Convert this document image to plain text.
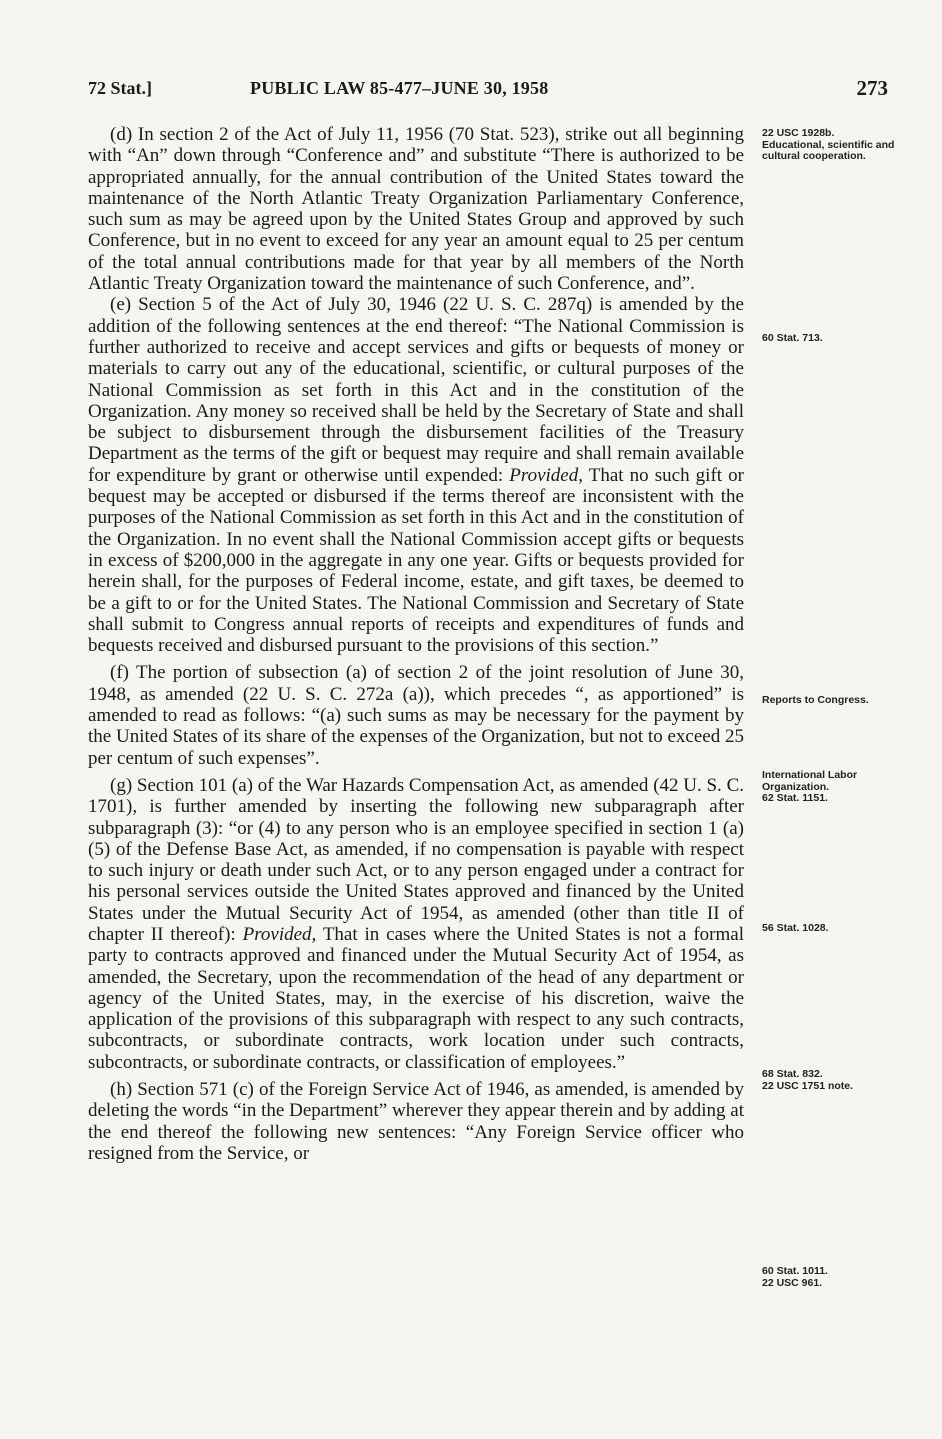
72 Stat.]	PUBLIC LAW 85-477–JUNE 30, 1958	273

(d) In section 2 of the Act of July 11, 1956 (70 Stat. 523), strike out all beginning with “An” down through “Conference and” and substitute “There is authorized to be appropriated annually, for the annual contribution of the United States toward the maintenance of the North Atlantic Treaty Organization Parliamentary Conference, such sum as may be agreed upon by the United States Group and approved by such Conference, but in no event to exceed for any year an amount equal to 25 per centum of the total annual contributions made for that year by all members of the North Atlantic Treaty Organization toward the maintenance of such Conference, and”.

(e) Section 5 of the Act of July 30, 1946 (22 U. S. C. 287q) is amended by the addition of the following sentences at the end thereof: “The National Commission is further authorized to receive and accept services and gifts or bequests of money or materials to carry out any of the educational, scientific, or cultural purposes of the National Commission as set forth in this Act and in the constitution of the Organization. Any money so received shall be held by the Secretary of State and shall be subject to disbursement through the disbursement facilities of the Treasury Department as the terms of the gift or bequest may require and shall remain available for expenditure by grant or otherwise until expended: Provided, That no such gift or bequest may be accepted or disbursed if the terms thereof are inconsistent with the purposes of the National Commission as set forth in this Act and in the constitution of the Organization. In no event shall the National Commission accept gifts or bequests in excess of $200,000 in the aggregate in any one year. Gifts or bequests provided for herein shall, for the purposes of Federal income, estate, and gift taxes, be deemed to be a gift to or for the United States. The National Commission and Secretary of State shall submit to Congress annual reports of receipts and expenditures of funds and bequests received and disbursed pursuant to the provisions of this section.”

(f) The portion of subsection (a) of section 2 of the joint resolution of June 30, 1948, as amended (22 U. S. C. 272a (a)), which precedes “, as apportioned” is amended to read as follows: “(a) such sums as may be necessary for the payment by the United States of its share of the expenses of the Organization, but not to exceed 25 per centum of such expenses”.

(g) Section 101 (a) of the War Hazards Compensation Act, as amended (42 U. S. C. 1701), is further amended by inserting the following new subparagraph after subparagraph (3): “or (4) to any person who is an employee specified in section 1 (a) (5) of the Defense Base Act, as amended, if no compensation is payable with respect to such injury or death under such Act, or to any person engaged under a contract for his personal services outside the United States approved and financed by the United States under the Mutual Security Act of 1954, as amended (other than title II of chapter II thereof): Provided, That in cases where the United States is not a formal party to contracts approved and financed under the Mutual Security Act of 1954, as amended, the Secretary, upon the recommendation of the head of any department or agency of the United States, may, in the exercise of his discretion, waive the application of the provisions of this subparagraph with respect to any such contracts, subcontracts, or subordinate contracts, work location under such contracts, subcontracts, or subordinate contracts, or classification of employees.”

(h) Section 571 (c) of the Foreign Service Act of 1946, as amended, is amended by deleting the words “in the Department” wherever they appear therein and by adding at the end thereof the following new sentences: “Any Foreign Service officer who resigned from the Service, or

22 USC 1928b.
Educational, scientific and cultural cooperation.
60 Stat. 713.
Reports to Congress.
International Labor Organization.
62 Stat. 1151.
56 Stat. 1028.
68 Stat. 832.
22 USC 1751 note.
60 Stat. 1011.
22 USC 961.
